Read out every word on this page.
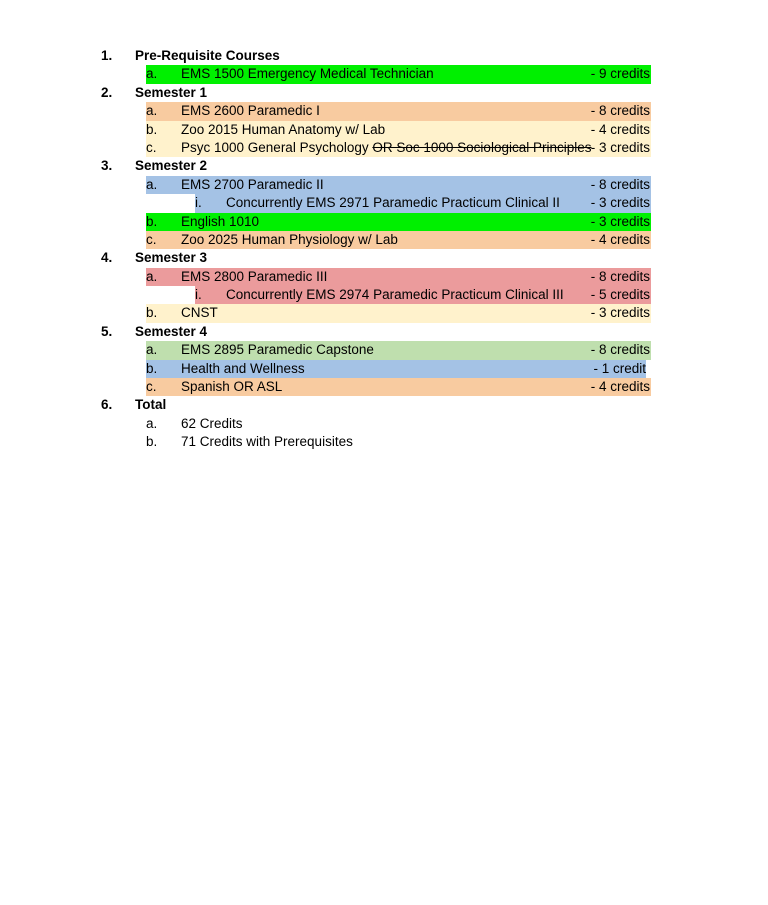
1. Pre-Requisite Courses
a. EMS 1500 Emergency Medical Technician	- 9 credits
2. Semester 1
a. EMS 2600 Paramedic I	- 8 credits
b. Zoo 2015 Human Anatomy w/ Lab	- 4 credits
c. Psyc 1000 General Psychology OR Soc 1000 Sociological Principles - 3 credits
3. Semester 2
a. EMS 2700 Paramedic II	- 8 credits
i. Concurrently EMS 2971 Paramedic Practicum Clinical II - 3 credits
b. English 1010	- 3 credits
c. Zoo 2025 Human Physiology w/ Lab	- 4 credits
4. Semester 3
a. EMS 2800 Paramedic III	- 8 credits
i. Concurrently EMS 2974 Paramedic Practicum Clinical III - 5 credits
b. CNST	- 3 credits
5. Semester 4
a. EMS 2895 Paramedic Capstone	- 8 credits
b. Health and Wellness	- 1 credit
c. Spanish OR ASL	- 4 credits
6. Total
a. 62 Credits
b. 71 Credits with Prerequisites
